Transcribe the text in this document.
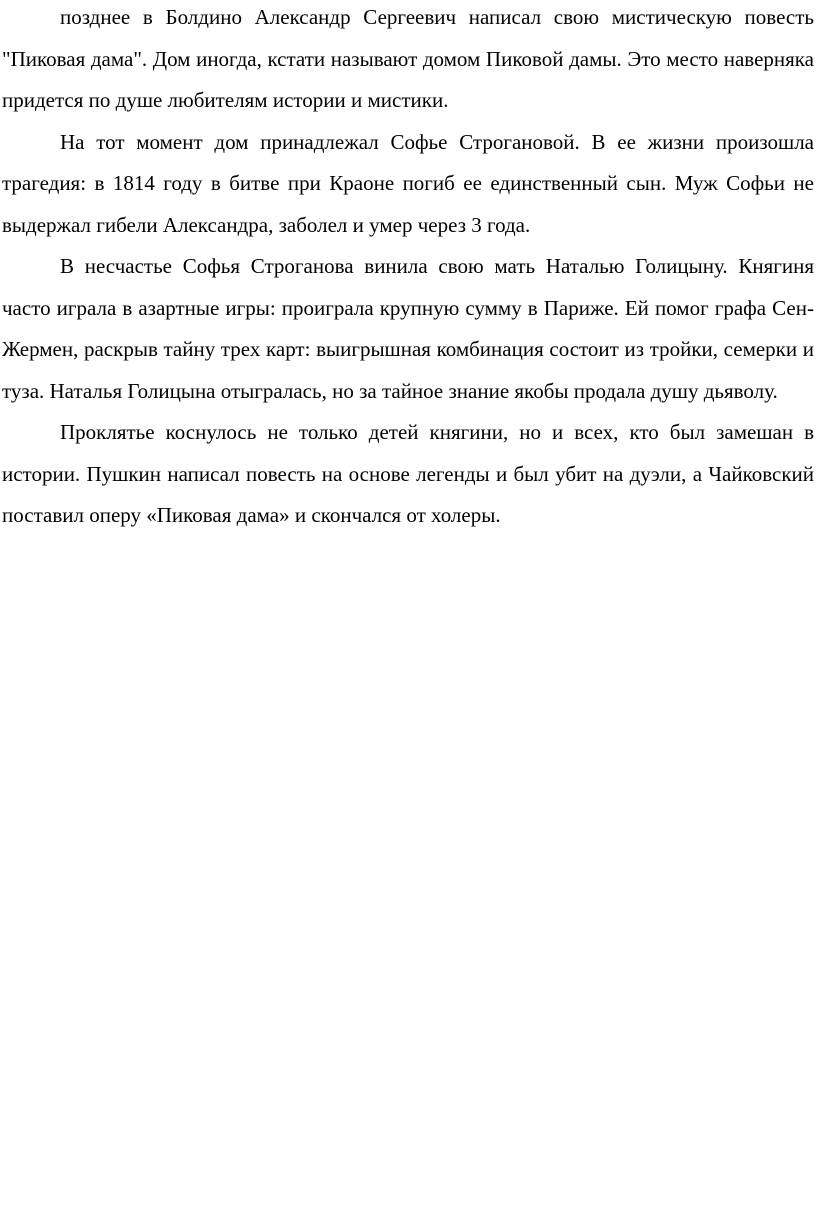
позднее в Болдино Александр Сергеевич написал свою мистическую повесть "Пиковая дама". Дом иногда, кстати называют домом Пиковой дамы. Это место наверняка придется по душе любителям истории и мистики.

На тот момент дом принадлежал Софье Строгановой. В ее жизни произошла трагедия: в 1814 году в битве при Краоне погиб ее единственный сын. Муж Софьи не выдержал гибели Александра, заболел и умер через 3 года.

В несчастье Софья Строганова винила свою мать Наталью Голицыну. Княгиня часто играла в азартные игры: проиграла крупную сумму в Париже. Ей помог графа Сен-Жермен, раскрыв тайну трех карт: выигрышная комбинация состоит из тройки, семерки и туза. Наталья Голицына отыгралась, но за тайное знание якобы продала душу дьяволу.

Проклятье коснулось не только детей княгини, но и всех, кто был замешан в истории. Пушкин написал повесть на основе легенды и был убит на дуэли, а Чайковский поставил оперу «Пиковая дама» и скончался от холеры.
